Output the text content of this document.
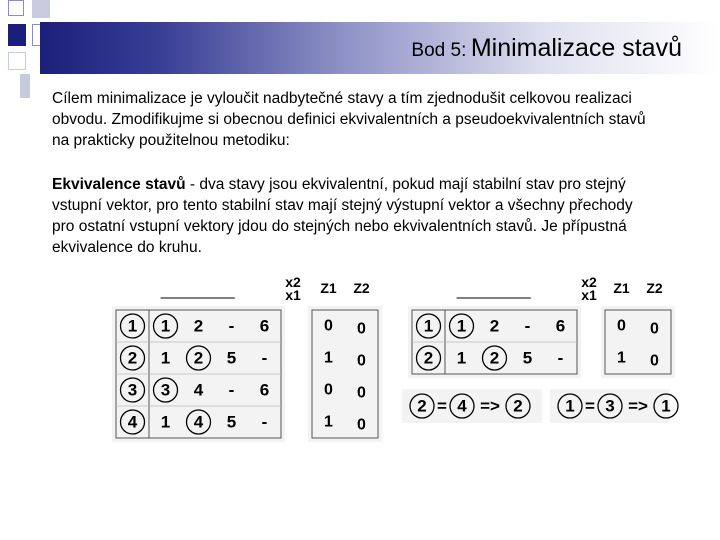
Bod 5: Minimalizace stavů
Cílem minimalizace je vyloučit nadbytečné stavy a tím zjednodušit celkovou realizaci
obvodu. Zmodifikujme si obecnou definici ekvivalentních a pseudoekvivalentních stavů
na prakticky použitelnou metodiku:
Ekvivalence stavů - dva stavy jsou ekvivalentní, pokud mají stabilní stav pro stejný
vstupní vektor, pro tento stabilní stav mají stejný výstupní vektor a všechny přechody
pro ostatní vstupní vektory jdou do stejných nebo ekvivalentních stavů. Je přípustná
ekvivalence do kruhu.
x2
x1 Z1 Z2
1 1 2 - 6	0 0
2 1 2 5 -	1 0
3 3 4 - 6	0 0
4 1 4 5 -	1 0
x2
x1 Z1 Z2
1 1 2 - 6	0 0
2 1 2 5 -	1 0
2 = 4 => 2	1 = 3 => 1
